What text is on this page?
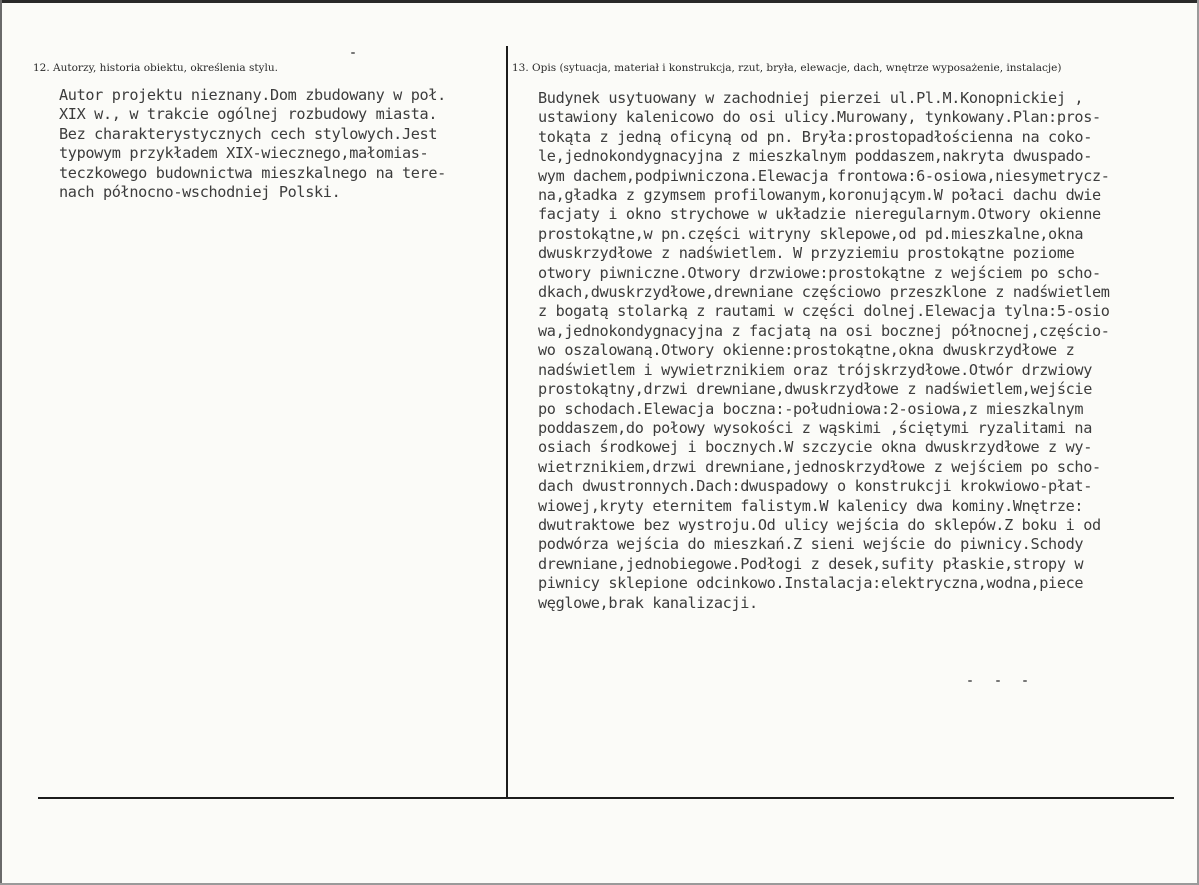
12. Autorzy, historia obiektu, określenia stylu.	13. Opis (sytuacja, materiał i konstrukcja, rzut, bryła, elewacje, dach, wnętrze wyposażenie, instalacje)
Autor projektu nieznany.Dom zbudowany w poł.
XIX w., w trakcie ogólnej rozbudowy miasta.
Bez charakterystycznych cech stylowych.Jest
typowym przykładem XIX-wiecznego,małomias-
teczkowego budownictwa mieszkalnego na tere-
nach północno-wschodniej Polski.
Budynek usytuowany w zachodniej pierzei ul.Pl.M.Konopnickiej ,
ustawiony kalenicowo do osi ulicy.Murowany, tynkowany.Plan:pros-
tokąta z jedną oficyną od pn. Bryła:prostopadłościenna na coko-
le,jednokondygnacyjna z mieszkalnym poddaszem,nakryta dwuspado-
wym dachem,podpiwniczona.Elewacja frontowa:6-osiowa,niesymetrycz-
na,gładka z gzymsem profilowanym,koronującym.W połaci dachu dwie
facjaty i okno strychowe w układzie nieregularnym.Otwory okienne
prostokątne,w pn.części witryny sklepowe,od pd.mieszkalne,okna
dwuskrzydłowe z nadświetlem. W przyziemiu prostokątne poziome
otwory piwniczne.Otwory drzwiowe:prostokątne z wejściem po scho-
dkach,dwuskrzydłowe,drewniane częściowo przeszklone z nadświetlem
z bogatą stolarką z rautami w części dolnej.Elewacja tylna:5-osio
wa,jednokondygnacyjna z facjatą na osi bocznej północnej,częścio-
wo oszalowaną.Otwory okienne:prostokątne,okna dwuskrzydłowe z
nadświetlem i wywietrznikiem oraz trójskrzydłowe.Otwór drzwiowy
prostokątny,drzwi drewniane,dwuskrzydłowe z nadświetlem,wejście
po schodach.Elewacja boczna:-południowa:2-osiowa,z mieszkalnym
poddaszem,do połowy wysokości z wąskimi ,ściętymi ryzalitami na
osiach środkowej i bocznych.W szczycie okna dwuskrzydłowe z wy-
wietrznikiem,drzwi drewniane,jednoskrzydłowe z wejściem po scho-
dach dwustronnych.Dach:dwuspadowy o konstrukcji krokwiowo-płat-
wiowej,kryty eternitem falistym.W kalenicy dwa kominy.Wnętrze:
dwutraktowe bez wystroju.Od ulicy wejścia do sklepów.Z boku i od
podwórza wejścia do mieszkań.Z sieni wejście do piwnicy.Schody
drewniane,jednobiegowe.Podłogi z desek,sufity płaskie,stropy w
piwnicy sklepione odcinkowo.Instalacja:elektryczna,wodna,piece
węglowe,brak kanalizacji.
